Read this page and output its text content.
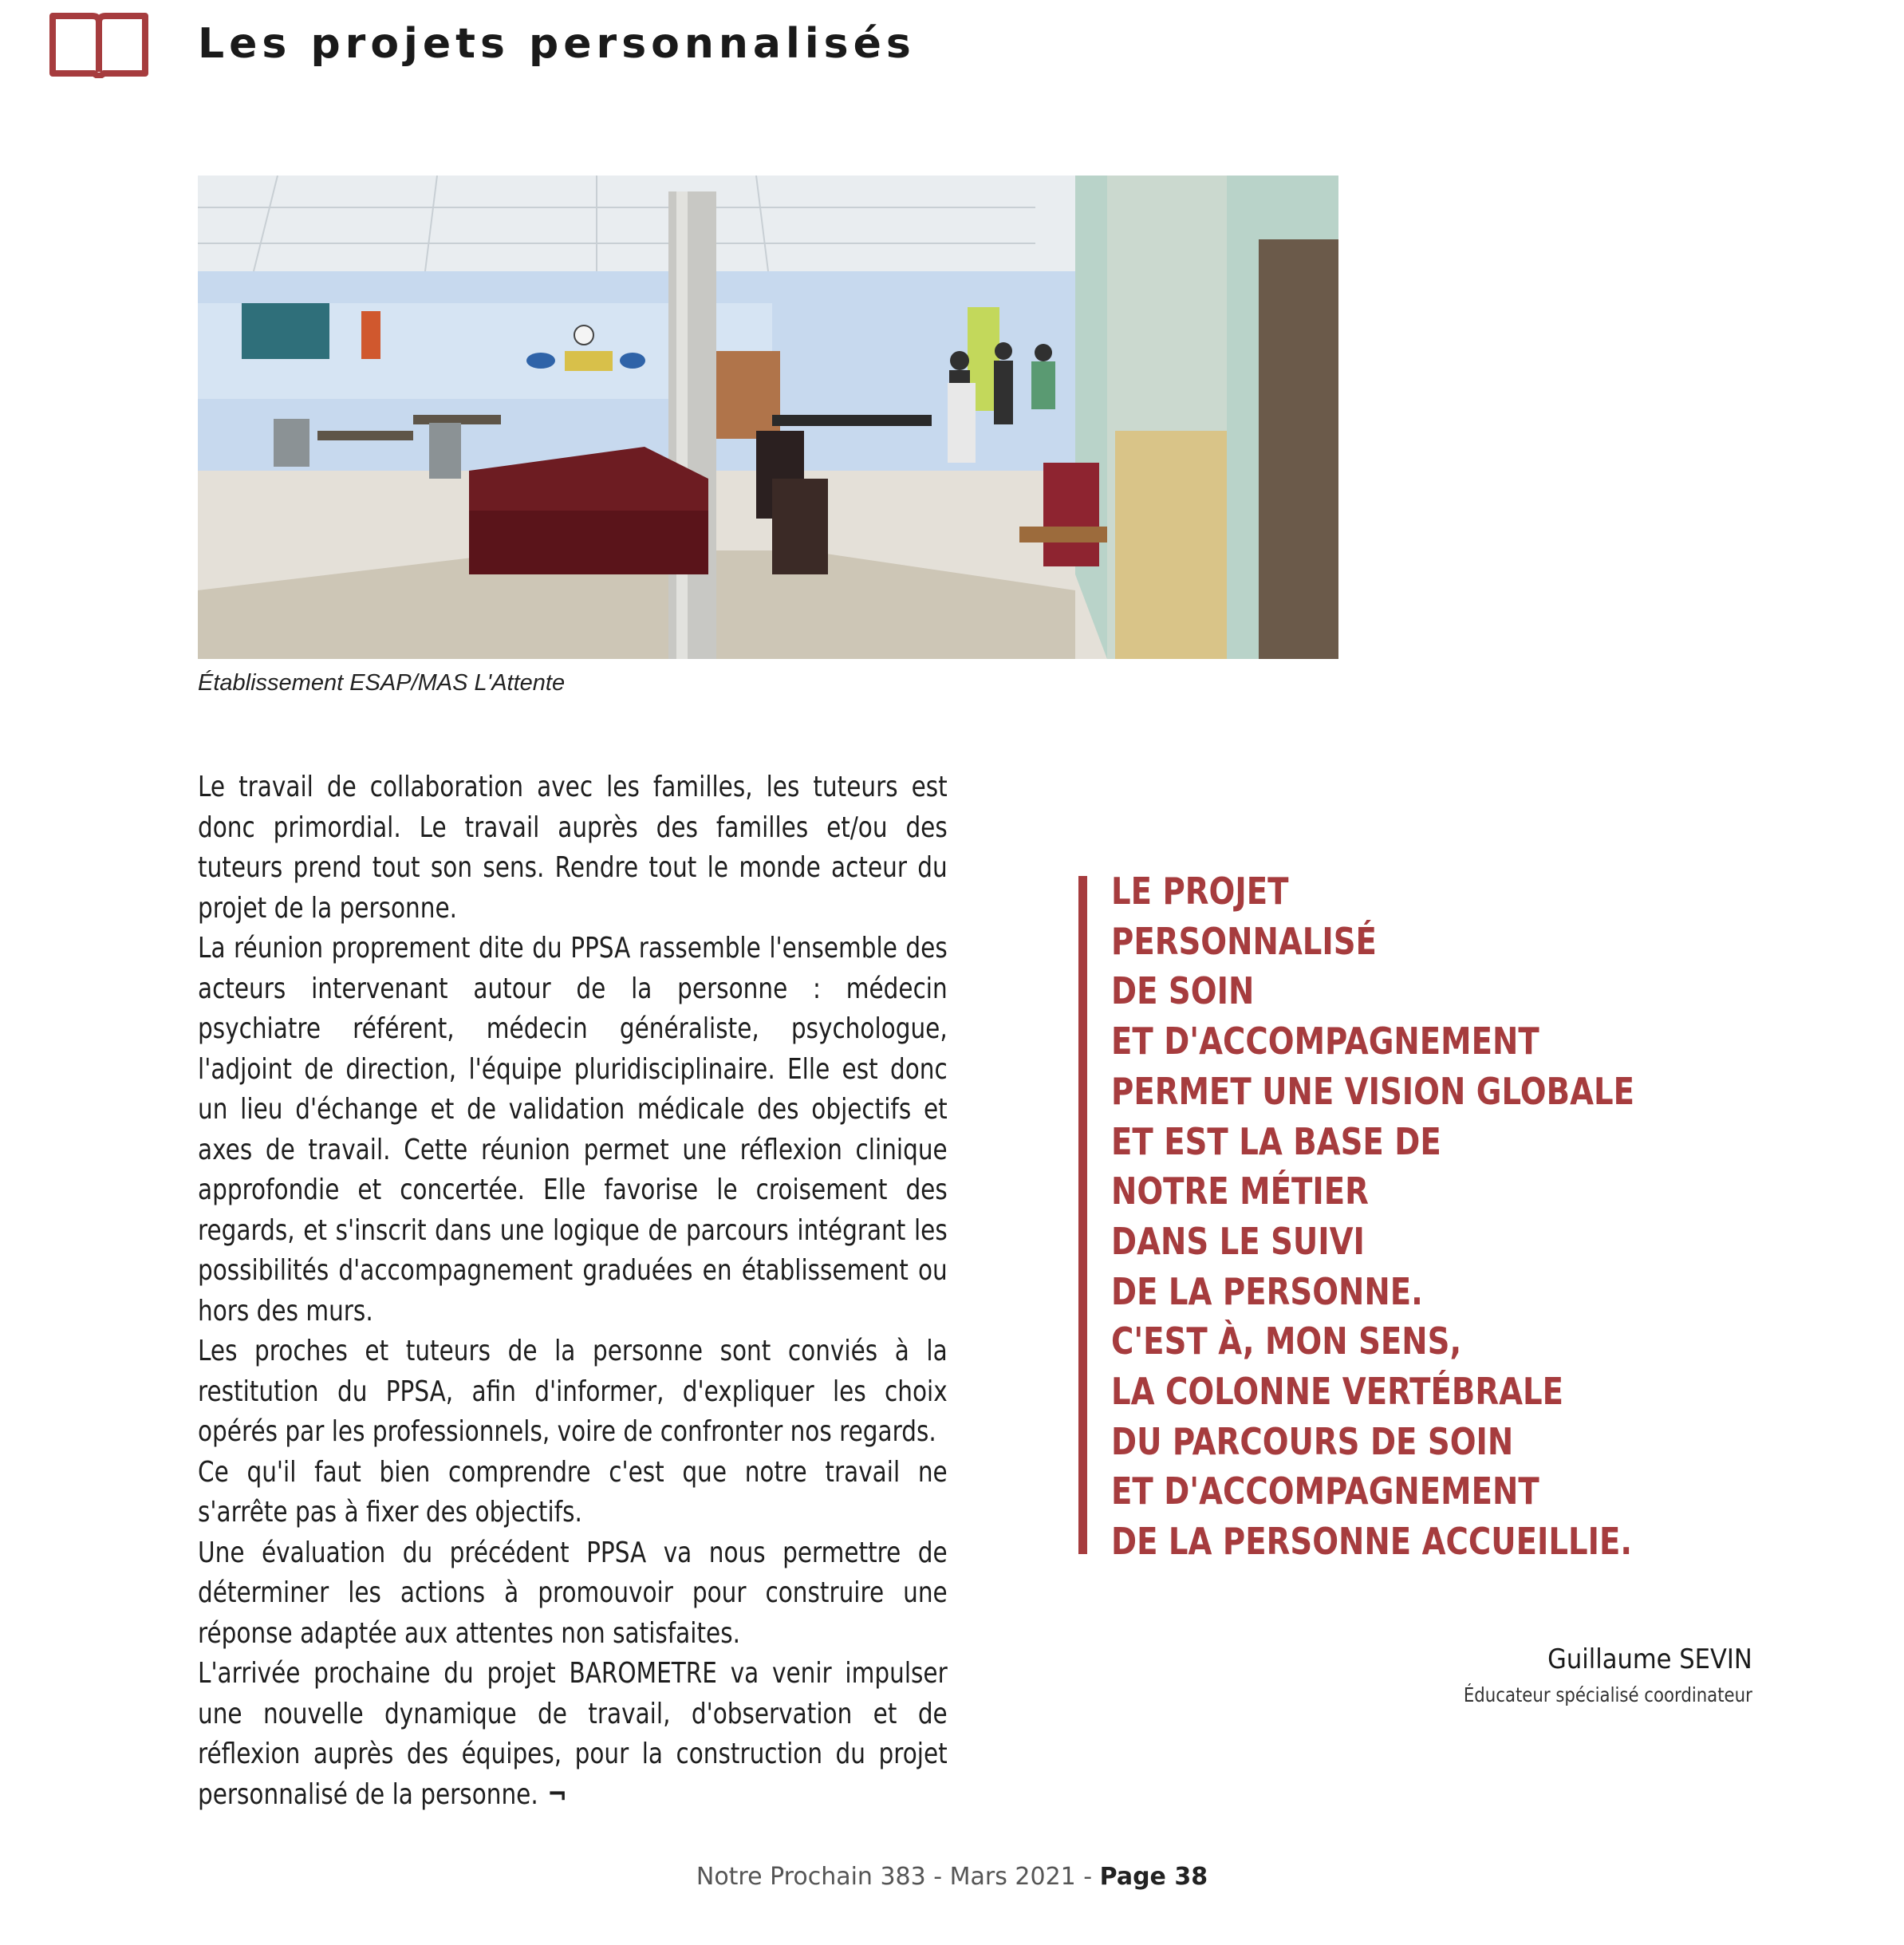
Les projets personnalisés
Établissement ESAP/MAS L'Attente

Le travail de collaboration avec les familles, les tuteurs est donc primordial. Le travail auprès des familles et/ou des tuteurs prend tout son sens. Rendre tout le monde acteur du projet de la personne.

La réunion proprement dite du PPSA rassemble l'ensemble des acteurs intervenant autour de la personne : médecin psychiatre référent, médecin généraliste, psychologue, l'adjoint de direction, l'équipe pluridisciplinaire. Elle est donc un lieu d'échange et de validation médicale des objectifs et axes de travail. Cette réunion permet une réflexion clinique approfondie et concertée. Elle favorise le croisement des regards, et s'inscrit dans une logique de parcours intégrant les possibilités d'accompagnement graduées en établissement ou hors des murs.

Les proches et tuteurs de la personne sont conviés à la restitution du PPSA, afin d'informer, d'expliquer les choix opérés par les professionnels, voire de confronter nos regards.

Ce qu'il faut bien comprendre c'est que notre travail ne s'arrête pas à fixer des objectifs.

Une évaluation du précédent PPSA va nous permettre de déterminer les actions à promouvoir pour construire une réponse adaptée aux attentes non satisfaites.

L'arrivée prochaine du projet BAROMETRE va venir impulser une nouvelle dynamique de travail, d'observation et de réflexion auprès des équipes, pour la construction du projet personnalisé de la personne. ¬

LE PROJET
PERSONNALISÉ
DE SOIN
ET D'ACCOMPAGNEMENT
PERMET UNE VISION GLOBALE
ET EST LA BASE DE
NOTRE MÉTIER
DANS LE SUIVI
DE LA PERSONNE.
C'EST À, MON SENS,
LA COLONNE VERTÉBRALE
DU PARCOURS DE SOIN
ET D'ACCOMPAGNEMENT
DE LA PERSONNE ACCUEILLIE.
Guillaume SEVIN
Éducateur spécialisé coordinateur
Notre Prochain 383 - Mars 2021 - Page 38
